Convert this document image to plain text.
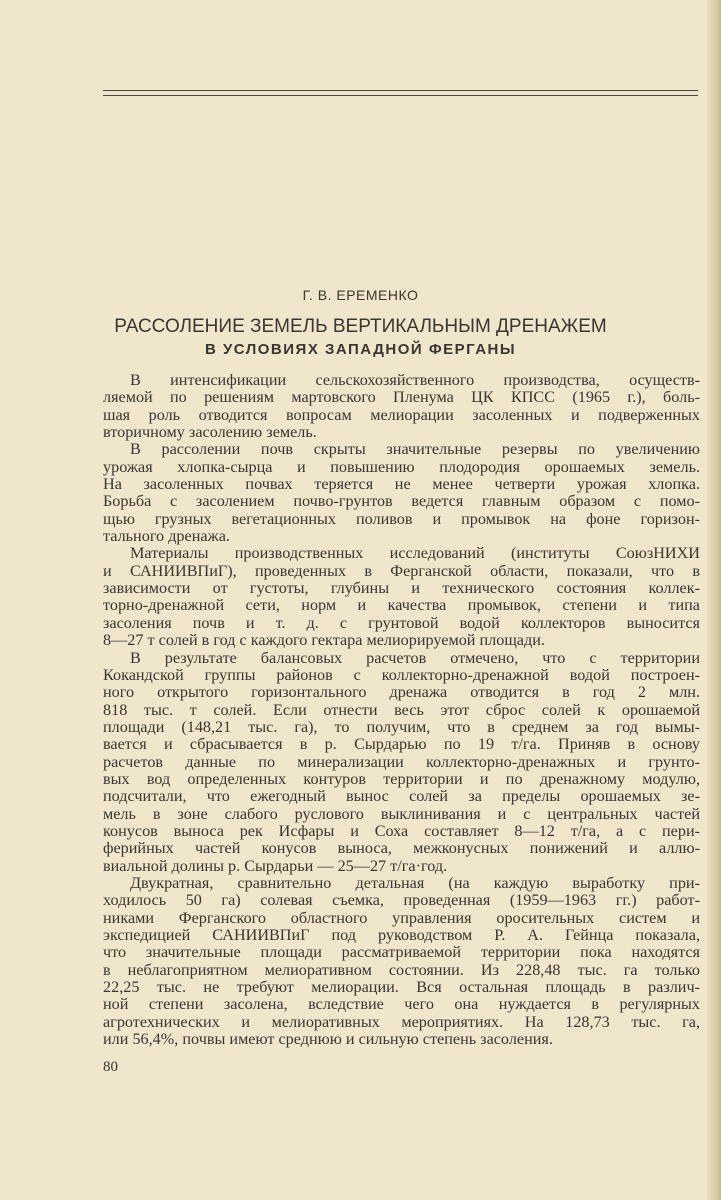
Г. В. ЕРЕМЕНКО
РАССОЛЕНИЕ ЗЕМЕЛЬ ВЕРТИКАЛЬНЫМ ДРЕНАЖЕМ
В УСЛОВИЯХ ЗАПАДНОЙ ФЕРГАНЫ
В интенсификации сельскохозяйственного производства, осуществ-
ляемой по решениям мартовского Пленума ЦК КПСС (1965 г.), боль-
шая роль отводится вопросам мелиорации засоленных и подверженных
вторичному засолению земель.
В рассолении почв скрыты значительные резервы по увеличению
урожая хлопка-сырца и повышению плодородия орошаемых земель.
На засоленных почвах теряется не менее четверти урожая хлопка.
Борьба с засолением почво-грунтов ведется главным образом с помо-
щью грузных вегетационных поливов и промывок на фоне горизон-
тального дренажа.
Материалы производственных исследований (институты СоюзНИХИ
и САНИИВПиГ), проведенных в Ферганской области, показали, что в
зависимости от густоты, глубины и технического состояния коллек-
торно-дренажной сети, норм и качества промывок, степени и типа
засоления почв и т. д. с грунтовой водой коллекторов выносится
8—27 т солей в год с каждого гектара мелиорируемой площади.
В результате балансовых расчетов отмечено, что с территории
Кокандской группы районов с коллекторно-дренажной водой построен-
ного открытого горизонтального дренажа отводится в год 2 млн.
818 тыс. т солей. Если отнести весь этот сброс солей к орошаемой
площади (148,21 тыс. га), то получим, что в среднем за год вымы-
вается и сбрасывается в р. Сырдарью по 19 т/га. Приняв в основу
расчетов данные по минерализации коллекторно-дренажных и грунто-
вых вод определенных контуров территории и по дренажному модулю,
подсчитали, что ежегодный вынос солей за пределы орошаемых зе-
мель в зоне слабого руслового выклинивания и с центральных частей
конусов выноса рек Исфары и Соха составляет 8—12 т/га, а с пери-
ферийных частей конусов выноса, межконусных понижений и аллю-
виальной долины р. Сырдарьи — 25—27 т/га·год.
Двукратная, сравнительно детальная (на каждую выработку при-
ходилось 50 га) солевая съемка, проведенная (1959—1963 гг.) работ-
никами Ферганского областного управления оросительных систем и
экспедицией САНИИВПиГ под руководством Р. А. Гейнца показала,
что значительные площади рассматриваемой территории пока находятся
в неблагоприятном мелиоративном состоянии. Из 228,48 тыс. га только
22,25 тыс. не требуют мелиорации. Вся остальная площадь в различ-
ной степени засолена, вследствие чего она нуждается в регулярных
агротехнических и мелиоративных мероприятиях. На 128,73 тыс. га,
или 56,4%, почвы имеют среднюю и сильную степень засоления.
80
